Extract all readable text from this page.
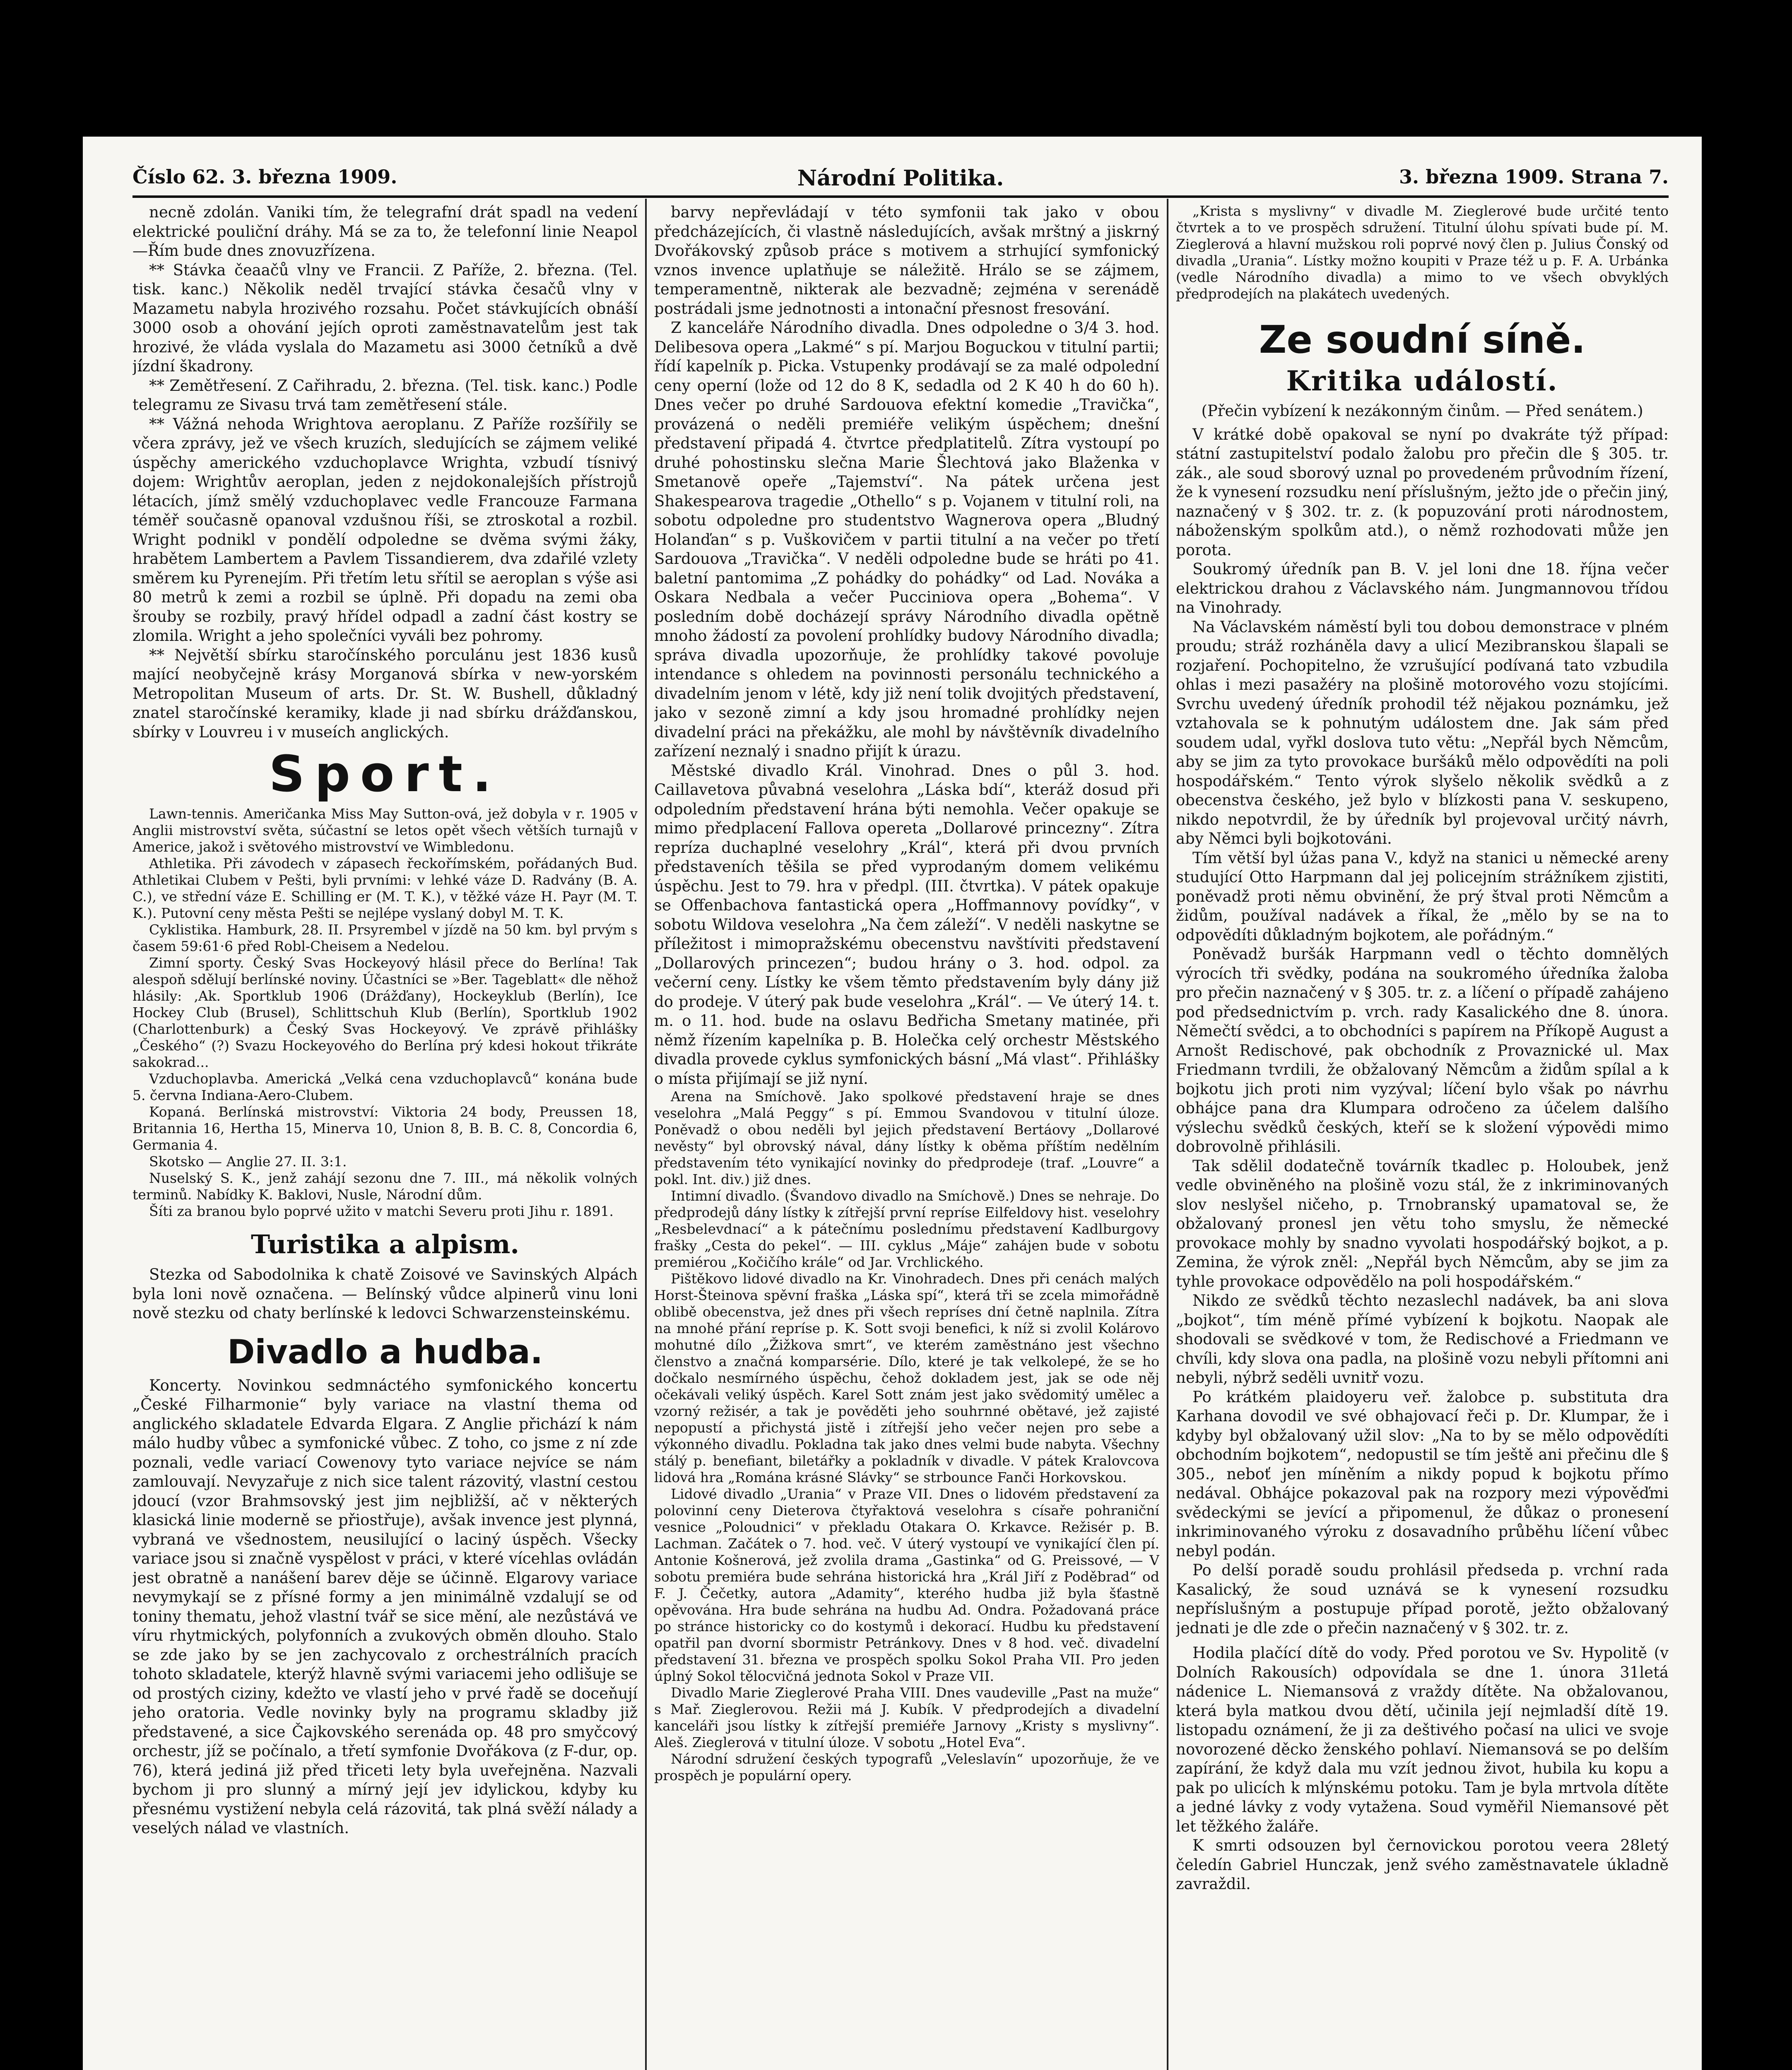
Číslo 62. 3. března 1909.	Národní Politika.	3. března 1909. Strana 7.

necně zdolán. Vaniki tím, že telegrafní drát spadl na vedení elektrické pouliční dráhy. Má se za to, že telefonní linie Neapol—Řím bude dnes znovuzřízena.

** Stávka čeaačů vlny ve Francii. Z Paříže, 2. března. (Tel. tisk. kanc.) Několik neděl trvající stávka česačů vlny v Mazametu nabyla hrozivého rozsahu. Počet stávkujících obnáší 3000 osob a ohování jejích oproti zaměstnavatelům jest tak hrozivé, že vláda vyslala do Mazametu asi 3000 četníků a dvě jízdní škadrony.

** Zemětřesení. Z Cařihradu, 2. března. (Tel. tisk. kanc.) Podle telegramu ze Sivasu trvá tam zemětřesení stále.

** Vážná nehoda Wrightova aeroplanu. Z Paříže rozšířily se včera zprávy, jež ve všech kruzích, sledujících se zájmem veliké úspěchy amerického vzduchoplavce Wrighta, vzbudí tísnivý dojem: Wrightův aeroplan, jeden z nejdokonalejších přístrojů létacích, jímž smělý vzduchoplavec vedle Francouze Farmana téměř současně opanoval vzdušnou říši, se ztroskotal a rozbil. Wright podnikl v pondělí odpoledne se dvěma svými žáky, hrabětem Lambertem a Pavlem Tissandierem, dva zdařilé vzlety směrem ku Pyrenejím. Při třetím letu sřítil se aeroplan s výše asi 80 metrů k zemi a rozbil se úplně. Při dopadu na zemi oba šrouby se rozbily, pravý hřídel odpadl a zadní část kostry se zlomila. Wright a jeho společníci vyváli bez pohromy.

** Největší sbírku staročínského porculánu jest 1836 kusů mající neobyčejně krásy Morganová sbírka v new-yorském Metropolitan Museum of arts. Dr. St. W. Bushell, důkladný znatel staročínské keramiky, klade ji nad sbírku drážďanskou, sbírky v Louvreu i v museích anglických.

Sport.

Lawn-tennis. Američanka Miss May Sutton-ová, jež dobyla v r. 1905 v Anglii mistrovství světa, súčastní se letos opět všech větších turnajů v Americe, jakož i světového mistrovství ve Wimbledonu.

Athletika. Při závodech v zápasech řeckořímském, pořádaných Bud. Athletikai Clubem v Pešti, byli prvními: v lehké váze D. Radvány (B. A. C.), ve střední váze E. Schilling er (M. T. K.), v těžké váze H. Payr (M. T. K.). Putovní ceny města Pešti se nejlépe vyslaný dobyl M. T. K.

Cyklistika. Hamburk, 28. II. Prsyrembel v jízdě na 50 km. byl prvým s časem 59:61·6 před Robl-Cheisem a Nedelou.

Zimní sporty. Český Svas Hockeyový hlásil přece do Berlína! Tak alespoň sdělují berlínské noviny. Účastníci se »Ber. Tageblatt« dle něhož hlásily: ‚Ak. Sportklub 1906 (Drážďany), Hockeyklub (Berlín), Ice Hockey Club (Brusel), Schlittschuh Klub (Berlín), Sportklub 1902 (Charlottenburk) a Český Svas Hockeyový. Ve zprávě přihlášky „Českého“ (?) Svazu Hockeyového do Berlína prý kdesi hokout třikráte sakokrad...

Vzduchoplavba. Americká „Velká cena vzduchoplavců“ konána bude 5. června Indiana-Aero-Clubem.

Kopaná. Berlínská mistrovství: Viktoria 24 body, Preussen 18, Britannia 16, Hertha 15, Minerva 10, Union 8, B. B. C. 8, Concordia 6, Germania 4.

Skotsko — Anglie 27. II. 3:1.

Nuselský S. K., jenž zahájí sezonu dne 7. III., má několik volných terminů. Nabídky K. Baklovi, Nusle, Národní dům.

Šíti za branou bylo poprvé užito v matchi Severu proti Jihu r. 1891.

Turistika a alpism.

Stezka od Sabodolnika k chatě Zoisové ve Savinských Alpách byla loni nově označena. — Belínský vůdce alpinerů vinu loni nově stezku od chaty berlínské k ledovci Schwarzensteinskému.

Divadlo a hudba.

Koncerty. Novinkou sedmnáctého symfonického koncertu „České Filharmonie“ byly variace na vlastní thema od anglického skladatele Edvarda Elgara. Z Anglie přichází k nám málo hudby vůbec a symfonické vůbec. Z toho, co jsme z ní zde poznali, vedle variací Cowenovy tyto variace nejvíce se nám zamlouvají. Nevyzařuje z nich sice talent rázovitý, vlastní cestou jdoucí (vzor Brahmsovský jest jim nejbližší, ač v některých klasická linie moderně se přiostřuje), avšak invence jest plynná, vybraná ve všednostem, neusilující o laciný úspěch. Všecky variace jsou si značně vyspělost v práci, v které vícehlas ovládán jest obratně a nanášení barev děje se účinně. Elgarovy variace nevymykají se z přísné formy a jen minimálně vzdalují se od toniny thematu, jehož vlastní tvář se sice mění, ale nezůstává ve víru rhytmických, polyfonních a zvukových obměn dlouho. Stalo se zde jako by se jen zachycovalo z orchestrálních pracích tohoto skladatele, kterýž hlavně svými variacemi jeho odlišuje se od prostých ciziny, kdežto ve vlastí jeho v prvé řadě se doceňují jeho oratoria. Vedle novinky byly na programu skladby již představené, a sice Čajkovského serenáda op. 48 pro smyčcový orchestr, jíž se počínalo, a třetí symfonie Dvořákova (z F-dur, op. 76), která jediná již před třiceti lety byla uveřejněna. Nazvali bychom ji pro slunný a mírný její jev idylickou, kdyby ku přesnému vystižení nebyla celá rázovitá, tak plná svěží nálady a veselých nálad ve vlastních.

barvy nepřevládají v této symfonii tak jako v obou předcházejících, či vlastně následujících, avšak mrštný a jiskrný Dvořákovský způsob práce s motivem a strhující symfonický vznos invence uplatňuje se náležitě. Hrálo se se zájmem, temperamentně, nikterak ale bezvadně; zejména v serenádě postrádali jsme jednotnosti a intonační přesnost fresování.

Z kanceláře Národního divadla. Dnes odpoledne o 3/4 3. hod. Delibesova opera „Lakmé“ s pí. Marjou Boguckou v titulní partii; řídí kapelník p. Picka. Vstupenky prodávají se za malé odpolední ceny operní (lože od 12 do 8 K, sedadla od 2 K 40 h do 60 h). Dnes večer po druhé Sardouova efektní komedie „Travička“, provázená o neděli premiéře velikým úspěchem; dnešní představení připadá 4. čtvrtce předplatitelů. Zítra vystoupí po druhé pohostinsku slečna Marie Šlechtová jako Blaženka v Smetanově opeře „Tajemství“. Na pátek určena jest Shakespearova tragedie „Othello“ s p. Vojanem v titulní roli, na sobotu odpoledne pro studentstvo Wagnerova opera „Bludný Holanďan“ s p. Vuškovičem v partii titulní a na večer po třetí Sardouova „Travička“. V neděli odpoledne bude se hráti po 41. baletní pantomima „Z pohádky do pohádky“ od Lad. Nováka a Oskara Nedbala a večer Pucciniova opera „Bohema“. V posledním době docházejí správy Národního divadla opětně mnoho žádostí za povolení prohlídky budovy Národního divadla; správa divadla upozorňuje, že prohlídky takové povoluje intendance s ohledem na povinnosti personálu technického a divadelním jenom v létě, kdy již není tolik dvojitých představení, jako v sezoně zimní a kdy jsou hromadné prohlídky nejen divadelní práci na překážku, ale mohl by návštěvník divadelního zařízení neznalý i snadno přijít k úrazu.

Městské divadlo Král. Vinohrad. Dnes o půl 3. hod. Caillavetova půvabná veselohra „Láska bdí“, kteráž dosud při odpoledním představení hrána býti nemohla. Večer opakuje se mimo předplacení Fallova opereta „Dollarové princezny“. Zítra repríza duchaplné veselohry „Král“, která při dvou prvních představeních těšila se před vyprodaným domem velikému úspěchu. Jest to 79. hra v předpl. (III. čtvrtka). V pátek opakuje se Offenbachova fantastická opera „Hoffmannovy povídky“, v sobotu Wildova veselohra „Na čem záleží“. V neděli naskytne se příležitost i mimopražskému obecenstvu navštíviti představení „Dollarových princezen“; budou hrány o 3. hod. odpol. za večerní ceny. Lístky ke všem těmto představením byly dány již do prodeje. V úterý pak bude veselohra „Král“. — Ve úterý 14. t. m. o 11. hod. bude na oslavu Bedřicha Smetany matinée, při němž řízením kapelníka p. B. Holečka celý orchestr Městského divadla provede cyklus symfonických básní „Má vlast“. Přihlášky o místa přijímají se již nyní.

Arena na Smíchově. Jako spolkové představení hraje se dnes veselohra „Malá Peggy“ s pí. Emmou Svandovou v titulní úloze. Poněvadž o obou neděli byl jejich představení Bertáovy „Dollarové nevěsty“ byl obrovský nával, dány lístky k oběma příštím nedělním představením této vynikající novinky do předprodeje (traf. „Louvre“ a pokl. Int. div.) již dnes.

Intimní divadlo. (Švandovo divadlo na Smíchově.) Dnes se nehraje. Do předprodejů dány lístky k zítřejší první repríse Eilfeldovy hist. veselohry „Resbelevdnací“ a k pátečnímu poslednímu představení Kadlburgovy frašky „Cesta do pekel“. — III. cyklus „Máje“ zahájen bude v sobotu premiérou „Kočičího krále“ od Jar. Vrchlického.

Pištěkovo lidové divadlo na Kr. Vinohradech. Dnes při cenách malých Horst-Šteinova spěvní fraška „Láska spí“, která tři se zcela mimořádně oblibě obecenstva, jež dnes při všech repríses dní četně naplnila. Zítra na mnohé přání repríse p. K. Sott svoji benefici, k níž si zvolil Kolárovo mohutné dílo „Žižkova smrt“, ve kterém zaměstnáno jest všechno členstvo a značná komparsérie. Dílo, které je tak velkolepé, že se ho dočkalo nesmírného úspěchu, čehož dokladem jest, jak se ode něj očekávali veliký úspěch. Karel Sott znám jest jako svědomitý umělec a vzorný režisér, a tak je pověděti jeho souhrnné obětavé, jež zajisté nepopustí a přichystá jistě i zítřejší jeho večer nejen pro sebe a výkonného divadlu. Pokladna tak jako dnes velmi bude nabyta. Všechny stálý p. benefiant, biletářky a pokladník v divadle. V pátek Kralovcova lidová hra „Romána krásné Slávky“ se strbounce Fanči Horkovskou.

Lidové divadlo „Urania“ v Praze VII. Dnes o lidovém představení za polovinní ceny Dieterova čtyřaktová veselohra s císaře pohraniční vesnice „Poloudnici“ v překladu Otakara O. Krkavce. Režisér p. B. Lachman. Začátek o 7. hod. več. V úterý vystoupí ve vynikající člen pí. Antonie Košnerová, jež zvolila drama „Gastinka“ od G. Preissové, — V sobotu premiéra bude sehrána historická hra „Král Jiří z Poděbrad“ od F. J. Čečetky, autora „Adamity“, kterého hudba již byla šťastně opěvována. Hra bude sehrána na hudbu Ad. Ondra. Požadovaná práce po stránce historicky co do kostymů i dekorací. Hudbu ku představení opatřil pan dvorní sbormistr Petránkovy. Dnes v 8 hod. več. divadelní představení 31. března ve prospěch spolku Sokol Praha VII. Pro jeden úplný Sokol tělocvičná jednota Sokol v Praze VII.

Divadlo Marie Zieglerové Praha VIII. Dnes vaudeville „Past na muže“ s Mař. Zieglerovou. Režii má J. Kubík. V předprodejích a divadelní kanceláři jsou lístky k zítřejší premiéře Jarnovy „Kristy s myslivny“. Aleš. Zieglerová v titulní úloze. V sobotu „Hotel Eva“.

Národní sdružení českých typografů „Veleslavín“ upozorňuje, že ve prospěch je populární opery.

„Krista s myslivny“ v divadle M. Zieglerové bude určité tento čtvrtek a to ve prospěch sdružení. Titulní úlohu spívati bude pí. M. Zieglerová a hlavní mužskou roli poprvé nový člen p. Julius Čonský od divadla „Urania“. Lístky možno koupiti v Praze též u p. F. A. Urbánka (vedle Národního divadla) a mimo to ve všech obvyklých předprodejích na plakátech uvedených.

Ze soudní síně.
Kritika událostí.

(Přečin vybízení k nezákonným činům. — Před senátem.)

V krátké době opakoval se nyní po dvakráte týž případ: státní zastupitelství podalo žalobu pro přečin dle § 305. tr. zák., ale soud sborový uznal po provedeném průvodním řízení, že k vynesení rozsudku není příslušným, ježto jde o přečin jiný, naznačený v § 302. tr. z. (k popuzování proti národnostem, náboženským spolkům atd.), o němž rozhodovati může jen porota.

Soukromý úředník pan B. V. jel loni dne 18. října večer elektrickou drahou z Václavského nám. Jungmannovou třídou na Vinohrady.

Na Václavském náměstí byli tou dobou demonstrace v plném proudu; stráž rozháněla davy a ulicí Mezibranskou šlapali se rozjaření. Pochopitelno, že vzrušující podívaná tato vzbudila ohlas i mezi pasažéry na plošině motorového vozu stojícími. Svrchu uvedený úředník prohodil též nějakou poznámku, jež vztahovala se k pohnutým událostem dne. Jak sám před soudem udal, vyřkl doslova tuto větu: „Nepřál bych Němcům, aby se jim za tyto provokace buršáků mělo odpovědíti na poli hospodářském.“ Tento výrok slyšelo několik svědků a z obecenstva českého, jež bylo v blízkosti pana V. seskupeno, nikdo nepotvrdil, že by úředník byl projevoval určitý návrh, aby Němci byli bojkotováni.

Tím větší byl úžas pana V., když na stanici u německé areny studující Otto Harpmann dal jej policejním strážníkem zjistiti, poněvadž proti němu obvinění, že prý štval proti Němcům a židům, používal nadávek a říkal, že „mělo by se na to odpovědíti důkladným bojkotem, ale pořádným.“

Poněvadž buršák Harpmann vedl o těchto domnělých výrocích tři svědky, podána na soukromého úředníka žaloba pro přečin naznačený v § 305. tr. z. a líčení o případě zahájeno pod předsednictvím p. vrch. rady Kasalického dne 8. února. Němečtí svědci, a to obchodníci s papírem na Příkopě August a Arnošt Redischové, pak obchodník z Provaznické ul. Max Friedmann tvrdili, že obžalovaný Němcům a židům spílal a k bojkotu jich proti nim vyzýval; líčení bylo však po návrhu obhájce pana dra Klumpara odročeno za účelem dalšího výslechu svědků českých, kteří se k složení výpovědi mimo dobrovolně přihlásili.

Tak sdělil dodatečně továrník tkadlec p. Holoubek, jenž vedle obviněného na plošině vozu stál, že z inkriminovaných slov neslyšel ničeho, p. Trnobranský upamatoval se, že obžalovaný pronesl jen větu toho smyslu, že německé provokace mohly by snadno vyvolati hospodářský bojkot, a p. Zemina, že výrok zněl: „Nepřál bych Němcům, aby se jim za tyhle provokace odpovědělo na poli hospodářském.“

Nikdo ze svědků těchto nezaslechl nadávek, ba ani slova „bojkot“, tím méně přímé vybízení k bojkotu. Naopak ale shodovali se svědkové v tom, že Redischové a Friedmann ve chvíli, kdy slova ona padla, na plošině vozu nebyli přítomni ani nebyli, nýbrž seděli uvnitř vozu.

Po krátkém plaidoyeru veř. žalobce p. substituta dra Karhana dovodil ve své obhajovací řeči p. Dr. Klumpar, že i kdyby byl obžalovaný užil slov: „Na to by se mělo odpovědíti obchodním bojkotem“, nedopustil se tím ještě ani přečinu dle § 305., neboť jen míněním a nikdy popud k bojkotu přímo nedával. Obhájce pokazoval pak na rozpory mezi výpověďmi svědeckými se jevící a připomenul, že důkaz o pronesení inkriminovaného výroku z dosavadního průběhu líčení vůbec nebyl podán.

Po delší poradě soudu prohlásil předseda p. vrchní rada Kasalický, že soud uznává se k vynesení rozsudku nepříslušným a postupuje případ porotě, ježto obžalovaný jednati je dle zde o přečin naznačený v § 302. tr. z.

Hodila plačící dítě do vody. Před porotou ve Sv. Hypolitě (v Dolních Rakousích) odpovídala se dne 1. února 31letá nádenice L. Niemansová z vraždy dítěte. Na obžalovanou, která byla matkou dvou dětí, učinila její nejmladší dítě 19. listopadu oznámení, že ji za deštivého počasí na ulici ve svoje novorozené děcko ženského pohlaví. Niemansová se po delším zapírání, že když dala mu vzít jednou život, hubila ku kopu a pak po ulicích k mlýnskému potoku. Tam je byla mrtvola dítěte a jedné lávky z vody vytažena. Soud vyměřil Niemansové pět let těžkého žaláře.

K smrti odsouzen byl černovickou porotou veera 28letý čeledín Gabriel Hunczak, jenž svého zaměstnavatele úkladně zavraždil.
